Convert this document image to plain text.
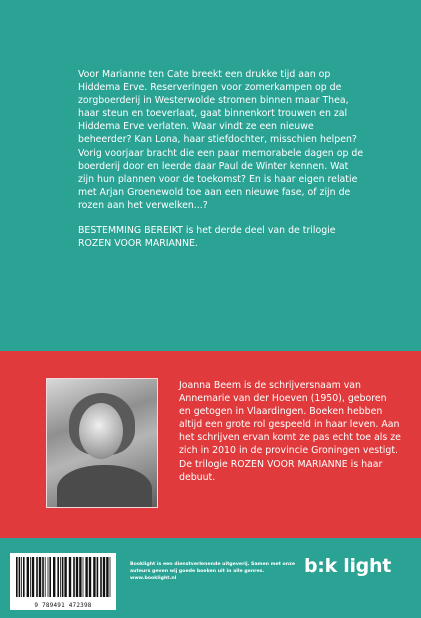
Voor Marianne ten Cate breekt een drukke tijd aan op Hiddema Erve. Reserveringen voor zomerkampen op de zorgboerderij in Westerwolde stromen binnen maar Thea, haar steun en toeverlaat, gaat binnenkort trouwen en zal Hiddema Erve verlaten. Waar vindt ze een nieuwe beheerder? Kan Lona, haar stiefdochter, misschien helpen? Vorig voorjaar bracht die een paar memorabele dagen op de boerderij door en leerde daar Paul de Winter kennen. Wat zijn hun plannen voor de toekomst? En is haar eigen relatie met Arjan Groenewold toe aan een nieuwe fase, of zijn de rozen aan het verwelken...?

BESTEMMING BEREIKT is het derde deel van de trilogie ROZEN VOOR MARIANNE.

Joanna Beem is de schrijversnaam van Annemarie van der Hoeven (1950), geboren en getogen in Vlaardingen. Boeken hebben altijd een grote rol gespeeld in haar leven. Aan het schrijven ervan komt ze pas echt toe als ze zich in 2010 in de provincie Groningen vestigt. De trilogie ROZEN VOOR MARIANNE is haar debuut.
9 789491 472398
Booklight is een dienstverlenende uitgeverij. Samen met onze auteurs geven wij goede boeken uit in alle genres.
www.booklight.nl
b:k light
